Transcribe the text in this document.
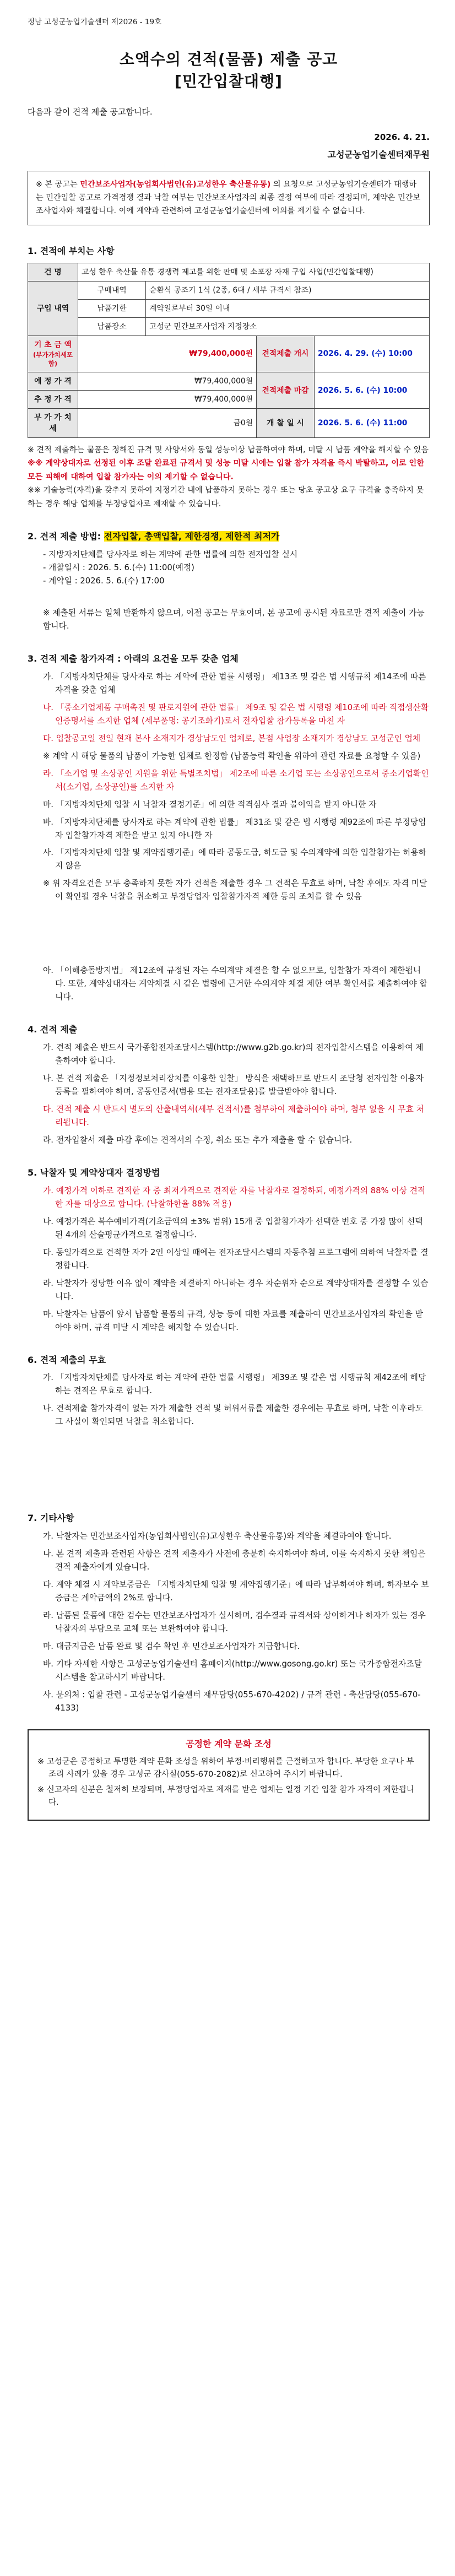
정남 고성군농업기술센터 제2026 - 19호
소액수의 견적(물품) 제출 공고
[민간입찰대행]
다음과 같이 견적 제출 공고합니다.
2026. 4. 21.
고성군농업기술센터재무원
※ 본 공고는 민간보조사업자(농업회사법인(유)고성한우 축산물유통) 의 요청으로 고성군농업기술센터가 대행하는 민간입찰 공고로 가격경쟁 결과 낙찰 여부는 민간보조사업자의 최종 결정 여부에 따라 결정되며, 계약은 민간보조사업자와 체결합니다. 이에 계약과 관련하여 고성군농업기술센터에 이의를 제기할 수 없습니다.
1. 견적에 부치는 사항
건 명	고성 한우 축산물 유통 경쟁력 제고를 위한 판매 및 소포장 자재 구입 사업(민간입찰대행)			
구입 내역	구매내역	순환식 공조기 1식 (2종, 6대 / 세부 규격서 참조)		
	납품기한	계약일로부터 30일 이내		
	납품장소	고성군 민간보조사업자 지정장소		

기 초 금 액
(부가가치세포함)	₩79,400,000원		견적제출 개시	2026. 4. 29. (수) 10:00
예 정 가 격	₩79,400,000원		견적제출 마감	2026. 5. 6. (수) 10:00
추 정 가 격	₩79,400,000원			
부 가 가 치 세	금0원		개 찰 일 시	2026. 5. 6. (수) 11:00
※ 견적 제출하는 물품은 정해진 규격 및 사양서와 동일 성능이상 납품하여야 하며, 미달 시 납품 계약을 해지할 수 있음
※※ 계약상대자로 선정된 이후 조달 완료된 규격서 및 성능 미달 시에는 입찰 참가 자격을 즉시 박탈하고, 이로 인한 모든 피해에 대하여 입찰 참가자는 이의 제기할 수 없습니다.
※※ 기술능력(자격)을 갖추지 못하여 지정기간 내에 납품하지 못하는 경우 또는 당초 공고상 요구 규격을 충족하지 못하는 경우 해당 업체를 부정당업자로 제재할 수 있습니다.
2. 견적 제출 방법: 전자입찰, 총액입찰, 제한경쟁, 제한적 최저가
- 지방자치단체를 당사자로 하는 계약에 관한 법률에 의한 전자입찰 실시
- 개찰일시 : 2026. 5. 6.(수) 11:00(예정)
- 계약일 : 2026. 5. 6.(수) 17:00
※ 제출된 서류는 일체 반환하지 않으며, 이전 공고는 무효이며, 본 공고에 공시된 자료로만 견적 제출이 가능합니다.
3. 견적 제출 참가자격 : 아래의 요건을 모두 갖춘 업체

가. 「지방자치단체를 당사자로 하는 계약에 관한 법률 시행령」 제13조 및 같은 법 시행규칙 제14조에 따른 자격을 갖춘 업체

나. 「중소기업제품 구매촉진 및 판로지원에 관한 법률」 제9조 및 같은 법 시행령 제10조에 따라 직접생산확인증명서를 소지한 업체 (세부품명: 공기조화기)로서 전자입찰 참가등록을 마친 자

다. 입찰공고일 전일 현재 본사 소재지가 경상남도인 업체로, 본점 사업장 소재지가 경상남도 고성군인 업체

※ 계약 시 해당 물품의 납품이 가능한 업체로 한정함 (납품능력 확인을 위하여 관련 자료를 요청할 수 있음)

라. 「소기업 및 소상공인 지원을 위한 특별조치법」 제2조에 따른 소기업 또는 소상공인으로서 중소기업확인서(소기업, 소상공인)를 소지한 자

마. 「지방자치단체 입찰 시 낙찰자 결정기준」에 의한 적격심사 결과 불이익을 받지 아니한 자

바. 「지방자치단체를 당사자로 하는 계약에 관한 법률」 제31조 및 같은 법 시행령 제92조에 따른 부정당업자 입찰참가자격 제한을 받고 있지 아니한 자

사. 「지방자치단체 입찰 및 계약집행기준」에 따라 공동도급, 하도급 및 수의계약에 의한 입찰참가는 허용하지 않음

※ 위 자격요건을 모두 충족하지 못한 자가 견적을 제출한 경우 그 견적은 무효로 하며, 낙찰 후에도 자격 미달이 확인될 경우 낙찰을 취소하고 부정당업자 입찰참가자격 제한 등의 조치를 할 수 있음

아. 「이해충돌방지법」 제12조에 규정된 자는 수의계약 체결을 할 수 없으므로, 입찰참가 자격이 제한됩니다. 또한, 계약상대자는 계약체결 시 같은 법령에 근거한 수의계약 체결 제한 여부 확인서를 제출하여야 합니다.

4. 견적 제출

가. 견적 제출은 반드시 국가종합전자조달시스템(http://www.g2b.go.kr)의 전자입찰시스템을 이용하여 제출하여야 합니다.

나. 본 견적 제출은 「지정정보처리장치를 이용한 입찰」 방식을 채택하므로 반드시 조달청 전자입찰 이용자 등록을 필하여야 하며, 공동인증서(범용 또는 전자조달용)를 발급받아야 합니다.

다. 견적 제출 시 반드시 별도의 산출내역서(세부 견적서)를 첨부하여 제출하여야 하며, 첨부 없을 시 무효 처리됩니다.

라. 전자입찰서 제출 마감 후에는 견적서의 수정, 취소 또는 추가 제출을 할 수 없습니다.

5. 낙찰자 및 계약상대자 결정방법

가. 예정가격 이하로 견적한 자 중 최저가격으로 견적한 자를 낙찰자로 결정하되, 예정가격의 88% 이상 견적한 자를 대상으로 합니다. (낙찰하한율 88% 적용)

나. 예정가격은 복수예비가격(기초금액의 ±3% 범위) 15개 중 입찰참가자가 선택한 번호 중 가장 많이 선택된 4개의 산술평균가격으로 결정합니다.

다. 동일가격으로 견적한 자가 2인 이상일 때에는 전자조달시스템의 자동추첨 프로그램에 의하여 낙찰자를 결정합니다.

라. 낙찰자가 정당한 이유 없이 계약을 체결하지 아니하는 경우 차순위자 순으로 계약상대자를 결정할 수 있습니다.

마. 낙찰자는 납품에 앞서 납품할 물품의 규격, 성능 등에 대한 자료를 제출하여 민간보조사업자의 확인을 받아야 하며, 규격 미달 시 계약을 해지할 수 있습니다.

6. 견적 제출의 무효

가. 「지방자치단체를 당사자로 하는 계약에 관한 법률 시행령」 제39조 및 같은 법 시행규칙 제42조에 해당하는 견적은 무효로 합니다.

나. 견적제출 참가자격이 없는 자가 제출한 견적 및 허위서류를 제출한 경우에는 무효로 하며, 낙찰 이후라도 그 사실이 확인되면 낙찰을 취소합니다.

7. 기타사항

가. 낙찰자는 민간보조사업자(농업회사법인(유)고성한우 축산물유통)와 계약을 체결하여야 합니다.

나. 본 견적 제출과 관련된 사항은 견적 제출자가 사전에 충분히 숙지하여야 하며, 이를 숙지하지 못한 책임은 견적 제출자에게 있습니다.

다. 계약 체결 시 계약보증금은 「지방자치단체 입찰 및 계약집행기준」에 따라 납부하여야 하며, 하자보수 보증금은 계약금액의 2%로 합니다.

라. 납품된 물품에 대한 검수는 민간보조사업자가 실시하며, 검수결과 규격서와 상이하거나 하자가 있는 경우 낙찰자의 부담으로 교체 또는 보완하여야 합니다.

마. 대금지급은 납품 완료 및 검수 확인 후 민간보조사업자가 지급합니다.

바. 기타 자세한 사항은 고성군농업기술센터 홈페이지(http://www.gosong.go.kr) 또는 국가종합전자조달시스템을 참고하시기 바랍니다.

사. 문의처 : 입찰 관련 - 고성군농업기술센터 재무담당(055-670-4202) / 규격 관련 - 축산담당(055-670-4133)

공정한 계약 문화 조성

※ 고성군은 공정하고 투명한 계약 문화 조성을 위하여 부정·비리행위를 근절하고자 합니다. 부당한 요구나 부조리 사례가 있을 경우 고성군 감사실(055-670-2082)로 신고하여 주시기 바랍니다.

※ 신고자의 신분은 철저히 보장되며, 부정당업자로 제재를 받은 업체는 일정 기간 입찰 참가 자격이 제한됩니다.
